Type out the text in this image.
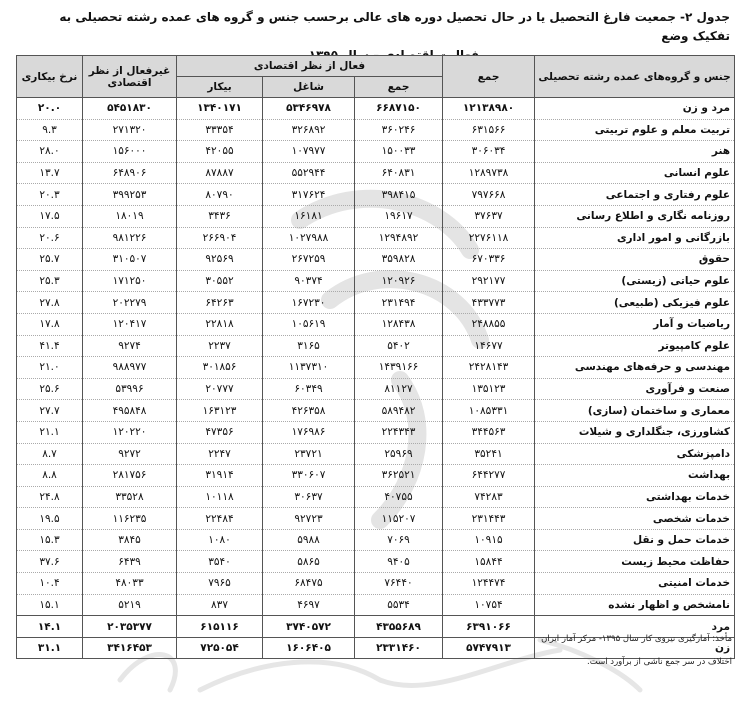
جدول ۲- جمعیت فارغ التحصیل یا در حال تحصیل دوره های عالی برحسب جنس و گروه های عمده رشته تحصیلی به تفکیک وضع
جنس و گروه‌های عمده رشته تحصیلی	جمع	فعال از نظر اقتصادی			غیرفعال از نظر اقتصادی	نرخ بیکاری
		جمع	شاغل	بیکار		
مرد و زن	۱۲۱۳۸۹۸۰	۶۶۸۷۱۵۰	۵۳۴۶۹۷۸	۱۳۴۰۱۷۱	۵۴۵۱۸۳۰	۲۰.۰
تربیت معلم و علوم تربیتی	۶۳۱۵۶۶	۳۶۰۲۴۶	۳۲۶۸۹۲	۳۳۳۵۴	۲۷۱۳۲۰	۹.۳
هنر	۳۰۶۰۳۴	۱۵۰۰۳۳	۱۰۷۹۷۷	۴۲۰۵۵	۱۵۶۰۰۰	۲۸.۰
علوم انسانی	۱۲۸۹۷۳۸	۶۴۰۸۳۱	۵۵۲۹۴۴	۸۷۸۸۷	۶۴۸۹۰۶	۱۳.۷
علوم رفتاری و اجتماعی	۷۹۷۶۶۸	۳۹۸۴۱۵	۳۱۷۶۲۴	۸۰۷۹۰	۳۹۹۲۵۳	۲۰.۳
روزنامه نگاری و اطلاع رسانی	۳۷۶۳۷	۱۹۶۱۷	۱۶۱۸۱	۳۴۳۶	۱۸۰۱۹	۱۷.۵
بازرگانی و امور اداری	۲۲۷۶۱۱۸	۱۲۹۴۸۹۲	۱۰۲۷۹۸۸	۲۶۶۹۰۴	۹۸۱۲۲۶	۲۰.۶
حقوق	۶۷۰۳۳۶	۳۵۹۸۲۸	۲۶۷۲۵۹	۹۲۵۶۹	۳۱۰۵۰۷	۲۵.۷
علوم حیاتی (زیستی)	۲۹۲۱۷۷	۱۲۰۹۲۶	۹۰۳۷۴	۳۰۵۵۲	۱۷۱۲۵۰	۲۵.۳
علوم فیزیکی (طبیعی)	۴۳۳۷۷۳	۲۳۱۴۹۴	۱۶۷۲۳۰	۶۴۲۶۳	۲۰۲۲۷۹	۲۷.۸
ریاضیات و آمار	۲۴۸۸۵۵	۱۲۸۴۳۸	۱۰۵۶۱۹	۲۲۸۱۸	۱۲۰۴۱۷	۱۷.۸
علوم کامپیوتر	۱۴۶۷۷	۵۴۰۲	۳۱۶۵	۲۲۳۷	۹۲۷۴	۴۱.۴
مهندسی و حرفه‌های مهندسی	۲۴۲۸۱۴۳	۱۴۳۹۱۶۶	۱۱۳۷۳۱۰	۳۰۱۸۵۶	۹۸۸۹۷۷	۲۱.۰
صنعت و فرآوری	۱۳۵۱۲۳	۸۱۱۲۷	۶۰۳۴۹	۲۰۷۷۷	۵۳۹۹۶	۲۵.۶
معماری و ساختمان (سازی)	۱۰۸۵۳۳۱	۵۸۹۴۸۲	۴۲۶۳۵۸	۱۶۳۱۲۳	۴۹۵۸۴۸	۲۷.۷
کشاورزی، جنگلداری و شیلات	۳۴۴۵۶۳	۲۲۴۳۴۳	۱۷۶۹۸۶	۴۷۳۵۶	۱۲۰۲۲۰	۲۱.۱
دامپزشکی	۳۵۲۴۱	۲۵۹۶۹	۲۳۷۲۱	۲۲۴۷	۹۲۷۲	۸.۷
بهداشت	۶۴۴۲۷۷	۳۶۲۵۲۱	۳۳۰۶۰۷	۳۱۹۱۴	۲۸۱۷۵۶	۸.۸
خدمات بهداشتی	۷۴۲۸۳	۴۰۷۵۵	۳۰۶۳۷	۱۰۱۱۸	۳۳۵۲۸	۲۴.۸
خدمات شخصی	۲۳۱۴۴۳	۱۱۵۲۰۷	۹۲۷۲۳	۲۲۴۸۴	۱۱۶۲۳۵	۱۹.۵
خدمات حمل و نقل	۱۰۹۱۵	۷۰۶۹	۵۹۸۸	۱۰۸۰	۳۸۴۵	۱۵.۳
حفاظت محیط زیست	۱۵۸۴۴	۹۴۰۵	۵۸۶۵	۳۵۴۰	۶۴۳۹	۳۷.۶
خدمات امنیتی	۱۲۴۴۷۴	۷۶۴۴۰	۶۸۴۷۵	۷۹۶۵	۴۸۰۳۳	۱۰.۴
نامشخص و اظهار نشده	۱۰۷۵۴	۵۵۳۴	۴۶۹۷	۸۳۷	۵۲۱۹	۱۵.۱
مرد	۶۳۹۱۰۶۶	۴۳۵۵۶۸۹	۳۷۴۰۵۷۲	۶۱۵۱۱۶	۲۰۳۵۳۷۷	۱۴.۱
زن	۵۷۴۷۹۱۳	۲۳۳۱۴۶۰	۱۶۰۶۴۰۵	۷۲۵۰۵۴	۳۴۱۶۴۵۳	۳۱.۱
مأخذ: آمارگیری نیروی کار سال ۱۳۹۵- مرکز آمار ایران
اختلاف در سر جمع ناشی از برآورد است.
